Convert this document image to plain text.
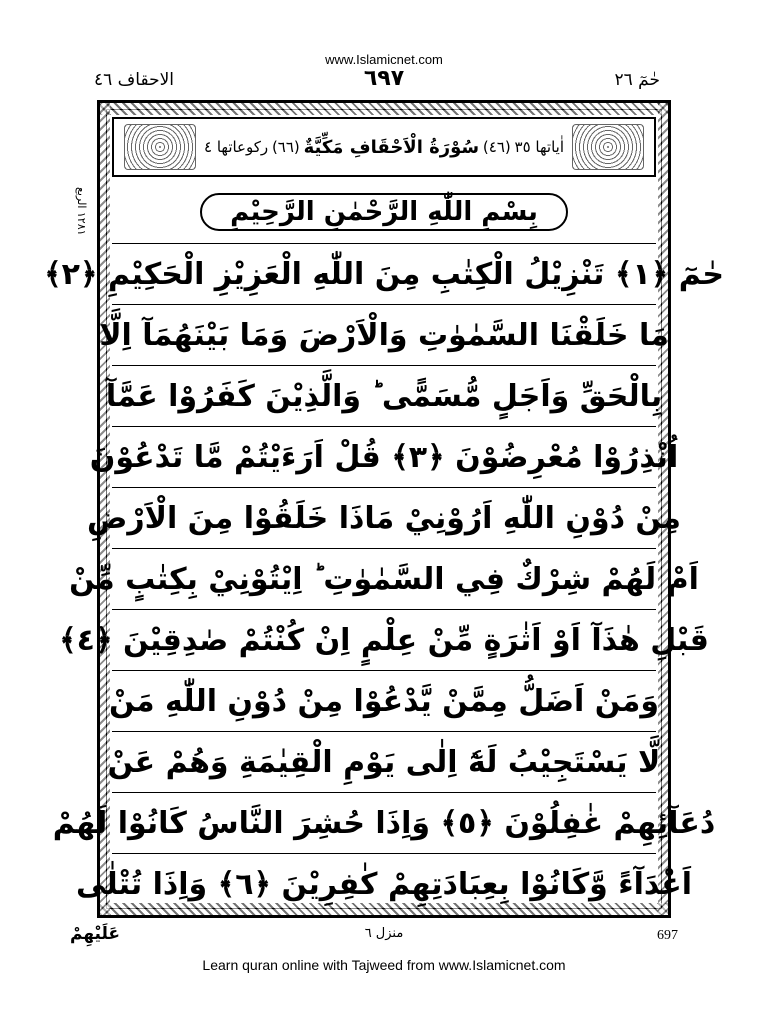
www.Islamicnet.com
الاحقاف ٤٦	٦٩٧	حٰمٓ ٢٦
١٢٨١ الربع
اٰیاتها ٣٥
(٤٦)
سُوْرَةُ الْاَحْقَافِ مَكِّيَّةٌ
(٦٦)
رکوعاتها ٤
بِسْمِ اللّٰهِ الرَّحْمٰنِ الرَّحِيْمِ
حٰمٓ ﴿١﴾ تَنْزِيْلُ الْكِتٰبِ مِنَ اللّٰهِ الْعَزِيْزِ الْحَكِيْمِ ﴿٢﴾
مَا خَلَقْنَا السَّمٰوٰتِ وَالْاَرْضَ وَمَا بَيْنَهُمَآ اِلَّا
بِالْحَقِّ وَاَجَلٍ مُّسَمًّى ؕ وَالَّذِيْنَ كَفَرُوْا عَمَّآ
اُنْذِرُوْا مُعْرِضُوْنَ ﴿٣﴾ قُلْ اَرَءَيْتُمْ مَّا تَدْعُوْنَ
مِنْ دُوْنِ اللّٰهِ اَرُوْنِيْ مَاذَا خَلَقُوْا مِنَ الْاَرْضِ
اَمْ لَهُمْ شِرْكٌ فِي السَّمٰوٰتِ ؕ اِيْتُوْنِيْ بِكِتٰبٍ مِّنْ
قَبْلِ هٰذَآ اَوْ اَثٰرَةٍ مِّنْ عِلْمٍ اِنْ كُنْتُمْ صٰدِقِيْنَ ﴿٤﴾
وَمَنْ اَضَلُّ مِمَّنْ يَّدْعُوْا مِنْ دُوْنِ اللّٰهِ مَنْ
لَّا يَسْتَجِيْبُ لَهٗٓ اِلٰى يَوْمِ الْقِيٰمَةِ وَهُمْ عَنْ
دُعَآئِهِمْ غٰفِلُوْنَ ﴿٥﴾ وَاِذَا حُشِرَ النَّاسُ كَانُوْا لَهُمْ
اَعْدَآءً وَّكَانُوْا بِعِبَادَتِهِمْ كٰفِرِيْنَ ﴿٦﴾ وَاِذَا تُتْلٰى
عَلَيْهِمْ	منزل ٦	697
Learn quran online with Tajweed from www.Islamicnet.com
